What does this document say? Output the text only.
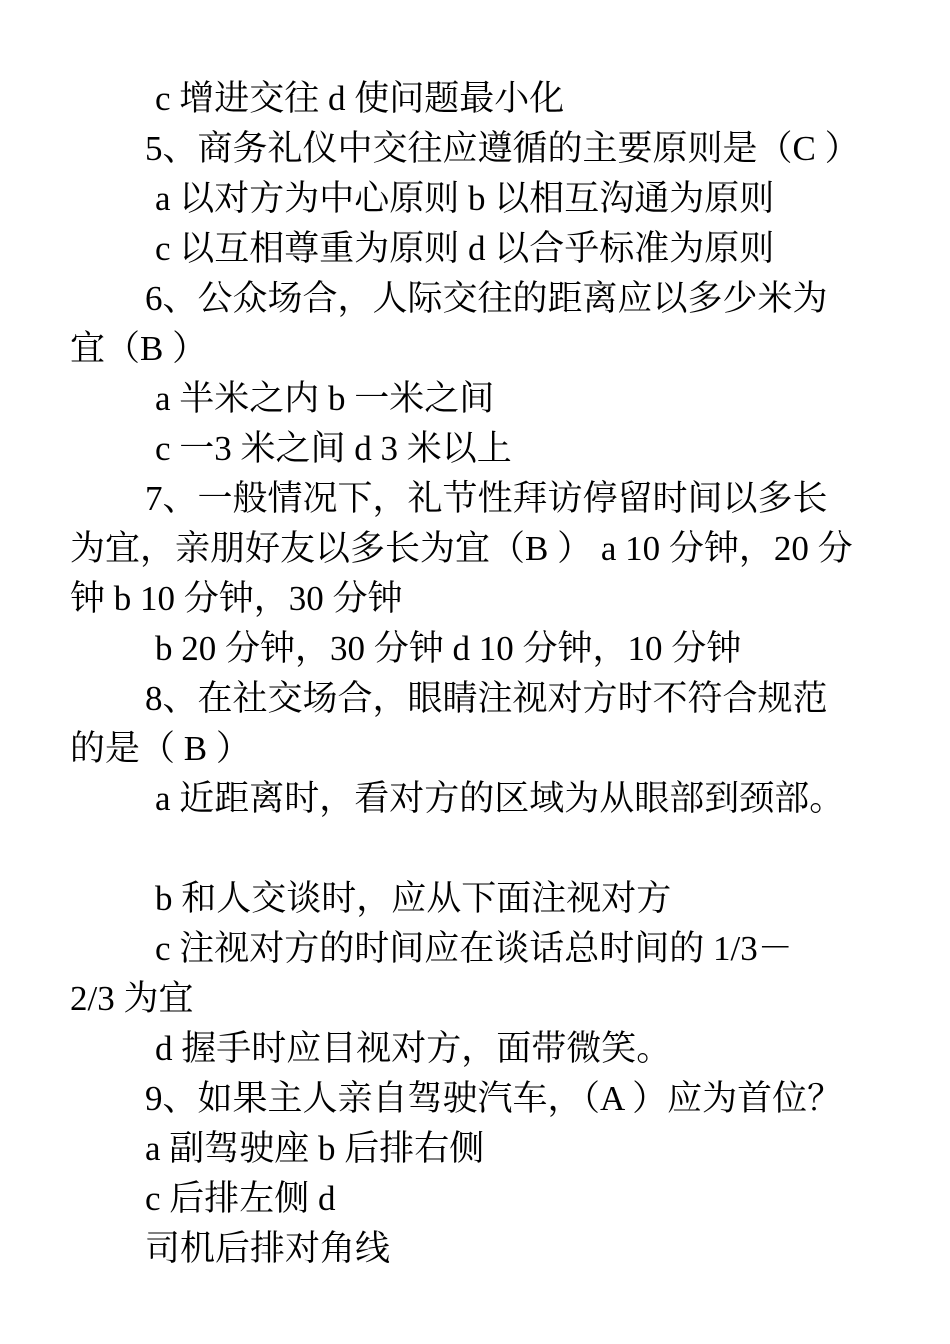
c 增进交往 d 使问题最小化
5、商务礼仪中交往应遵循的主要原则是（C ）
a 以对方为中心原则 b 以相互沟通为原则
c 以互相尊重为原则 d 以合乎标准为原则
6、公众场合，人际交往的距离应以多少米为
宜（B ）
a 半米之内 b 一米之间
c 一3 米之间 d 3 米以上
7、一般情况下，礼节性拜访停留时间以多长
为宜，亲朋好友以多长为宜（B ） a 10 分钟，20 分
钟 b 10 分钟，30 分钟
b 20 分钟，30 分钟 d 10 分钟，10 分钟
8、在社交场合，眼睛注视对方时不符合规范
的是（ B ）
a 近距离时，看对方的区域为从眼部到颈部。
b 和人交谈时，应从下面注视对方
c 注视对方的时间应在谈话总时间的 1/3－
2/3 为宜
d 握手时应目视对方，面带微笑。
9、如果主人亲自驾驶汽车，（A ）应为首位？
a 副驾驶座 b 后排右侧
c 后排左侧 d
司机后排对角线
